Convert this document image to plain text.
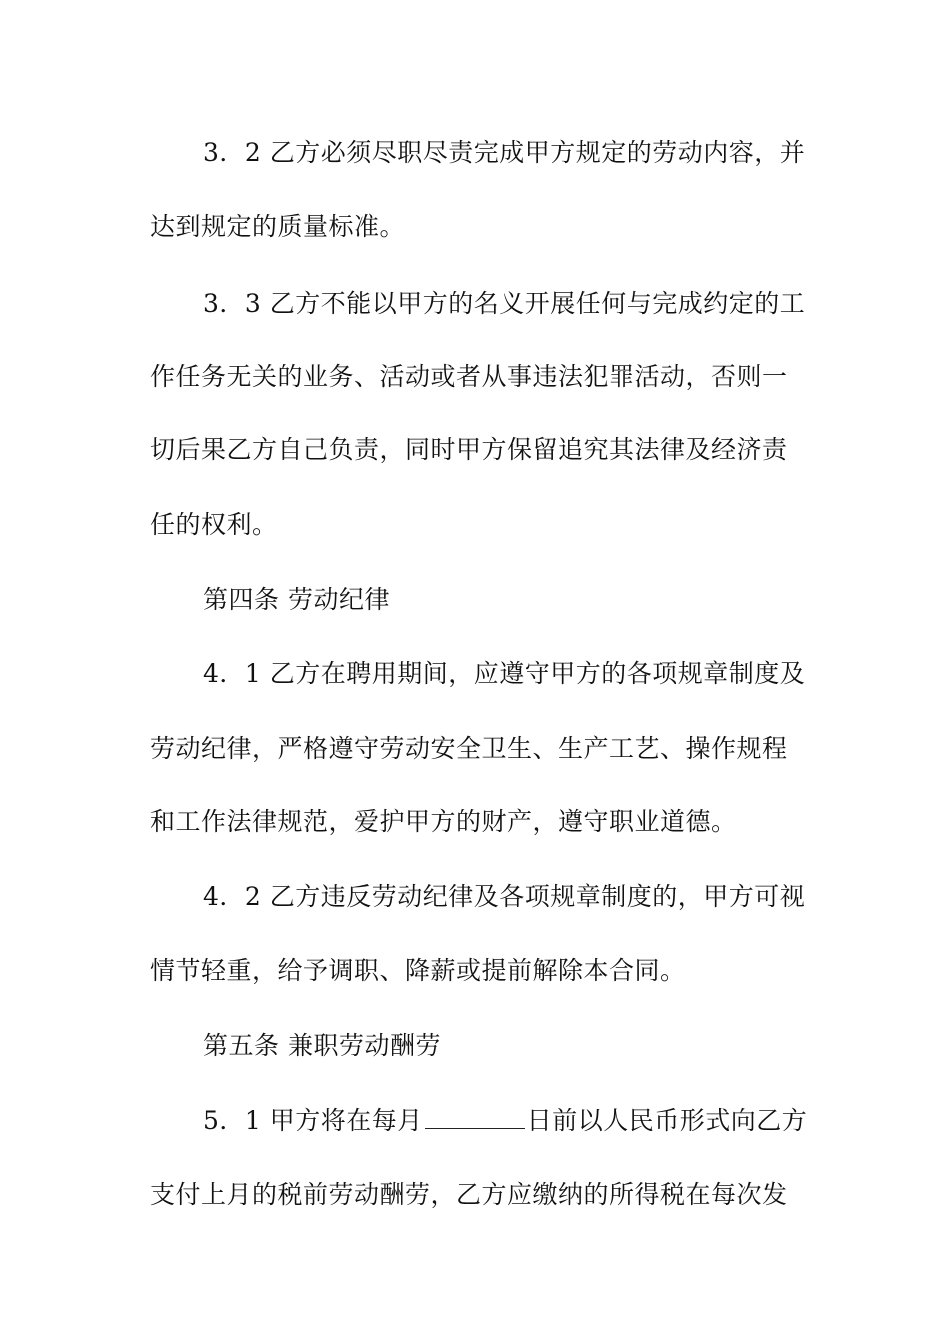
3．2 乙方必须尽职尽责完成甲方规定的劳动内容，并
达到规定的质量标准。
3．3 乙方不能以甲方的名义开展任何与完成约定的工
作任务无关的业务、活动或者从事违法犯罪活动，否则一
切后果乙方自己负责，同时甲方保留追究其法律及经济责
任的权利。
第四条 劳动纪律
4．1 乙方在聘用期间，应遵守甲方的各项规章制度及
劳动纪律，严格遵守劳动安全卫生、生产工艺、操作规程
和工作法律规范，爱护甲方的财产，遵守职业道德。
4．2 乙方违反劳动纪律及各项规章制度的，甲方可视
情节轻重，给予调职、降薪或提前解除本合同。
第五条 兼职劳动酬劳
5．1 甲方将在每月	日前以人民币形式向乙方
支付上月的税前劳动酬劳，乙方应缴纳的所得税在每次发
